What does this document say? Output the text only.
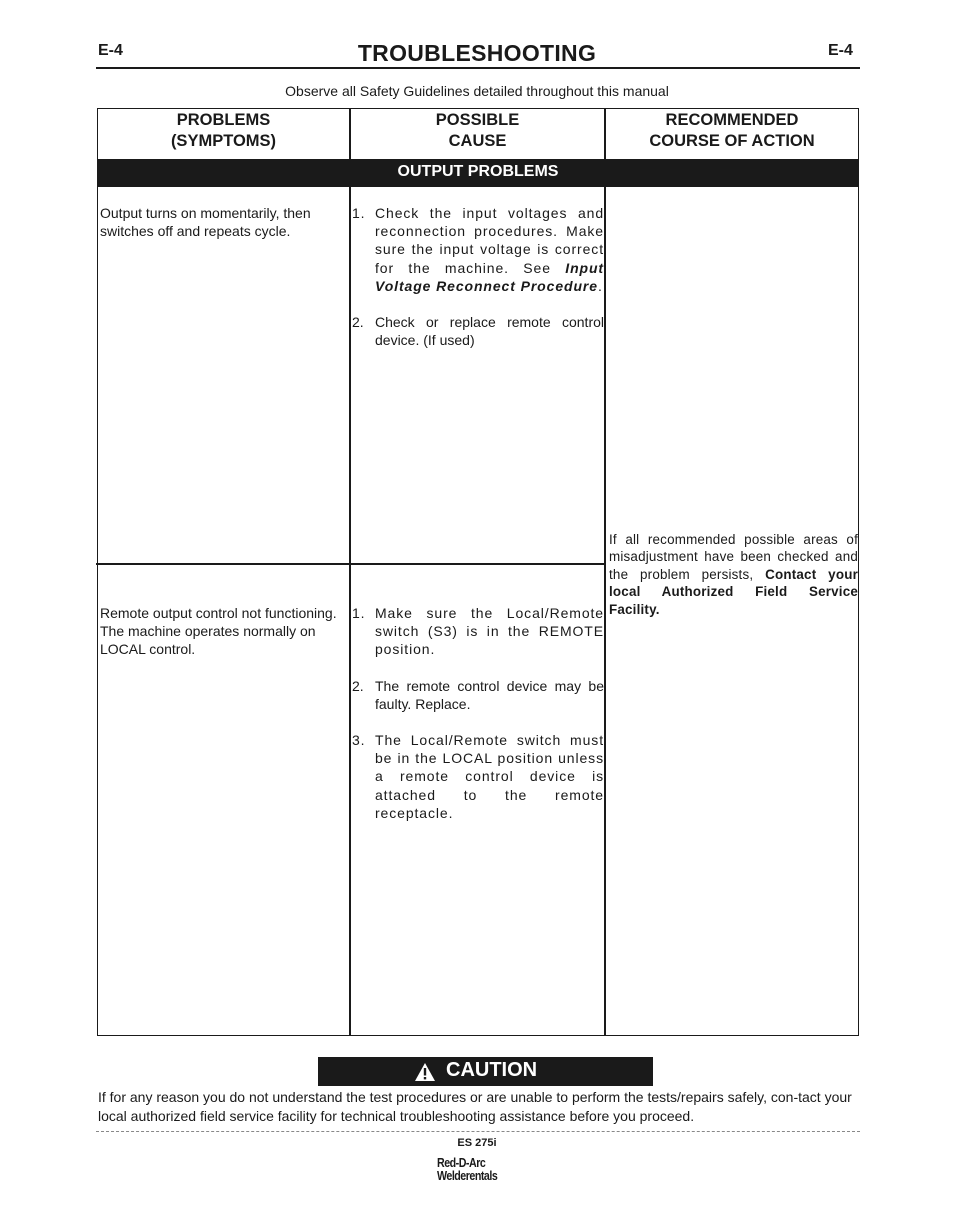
E-4	TROUBLESHOOTING	E-4
Observe all Safety Guidelines detailed throughout this manual
PROBLEMS
(SYMPTOMS)
POSSIBLE
CAUSE
RECOMMENDED
COURSE OF ACTION
OUTPUT PROBLEMS
Output turns on momentarily, then switches off and repeats cycle.
1. Check the input voltages and reconnection procedures. Make sure the input voltage is correct for the machine. See Input Voltage Reconnect Procedure.
2. Check or replace remote control device. (If used)
Remote output control not functioning. The machine operates normally on LOCAL control.
1. Make sure the Local/Remote switch (S3) is in the REMOTE position.
2. The remote control device may be faulty. Replace.
3. The Local/Remote switch must be in the LOCAL position unless a remote control device is attached to the remote receptacle.
If all recommended possible areas of misadjustment have been checked and the problem persists, Contact your local Authorized Field Service Facility.
CAUTION
If for any reason you do not understand the test procedures or are unable to perform the tests/repairs safely, con-tact your local authorized field service facility for technical troubleshooting assistance before you proceed.
ES 275i
Red-D-Arc
Welderentals
